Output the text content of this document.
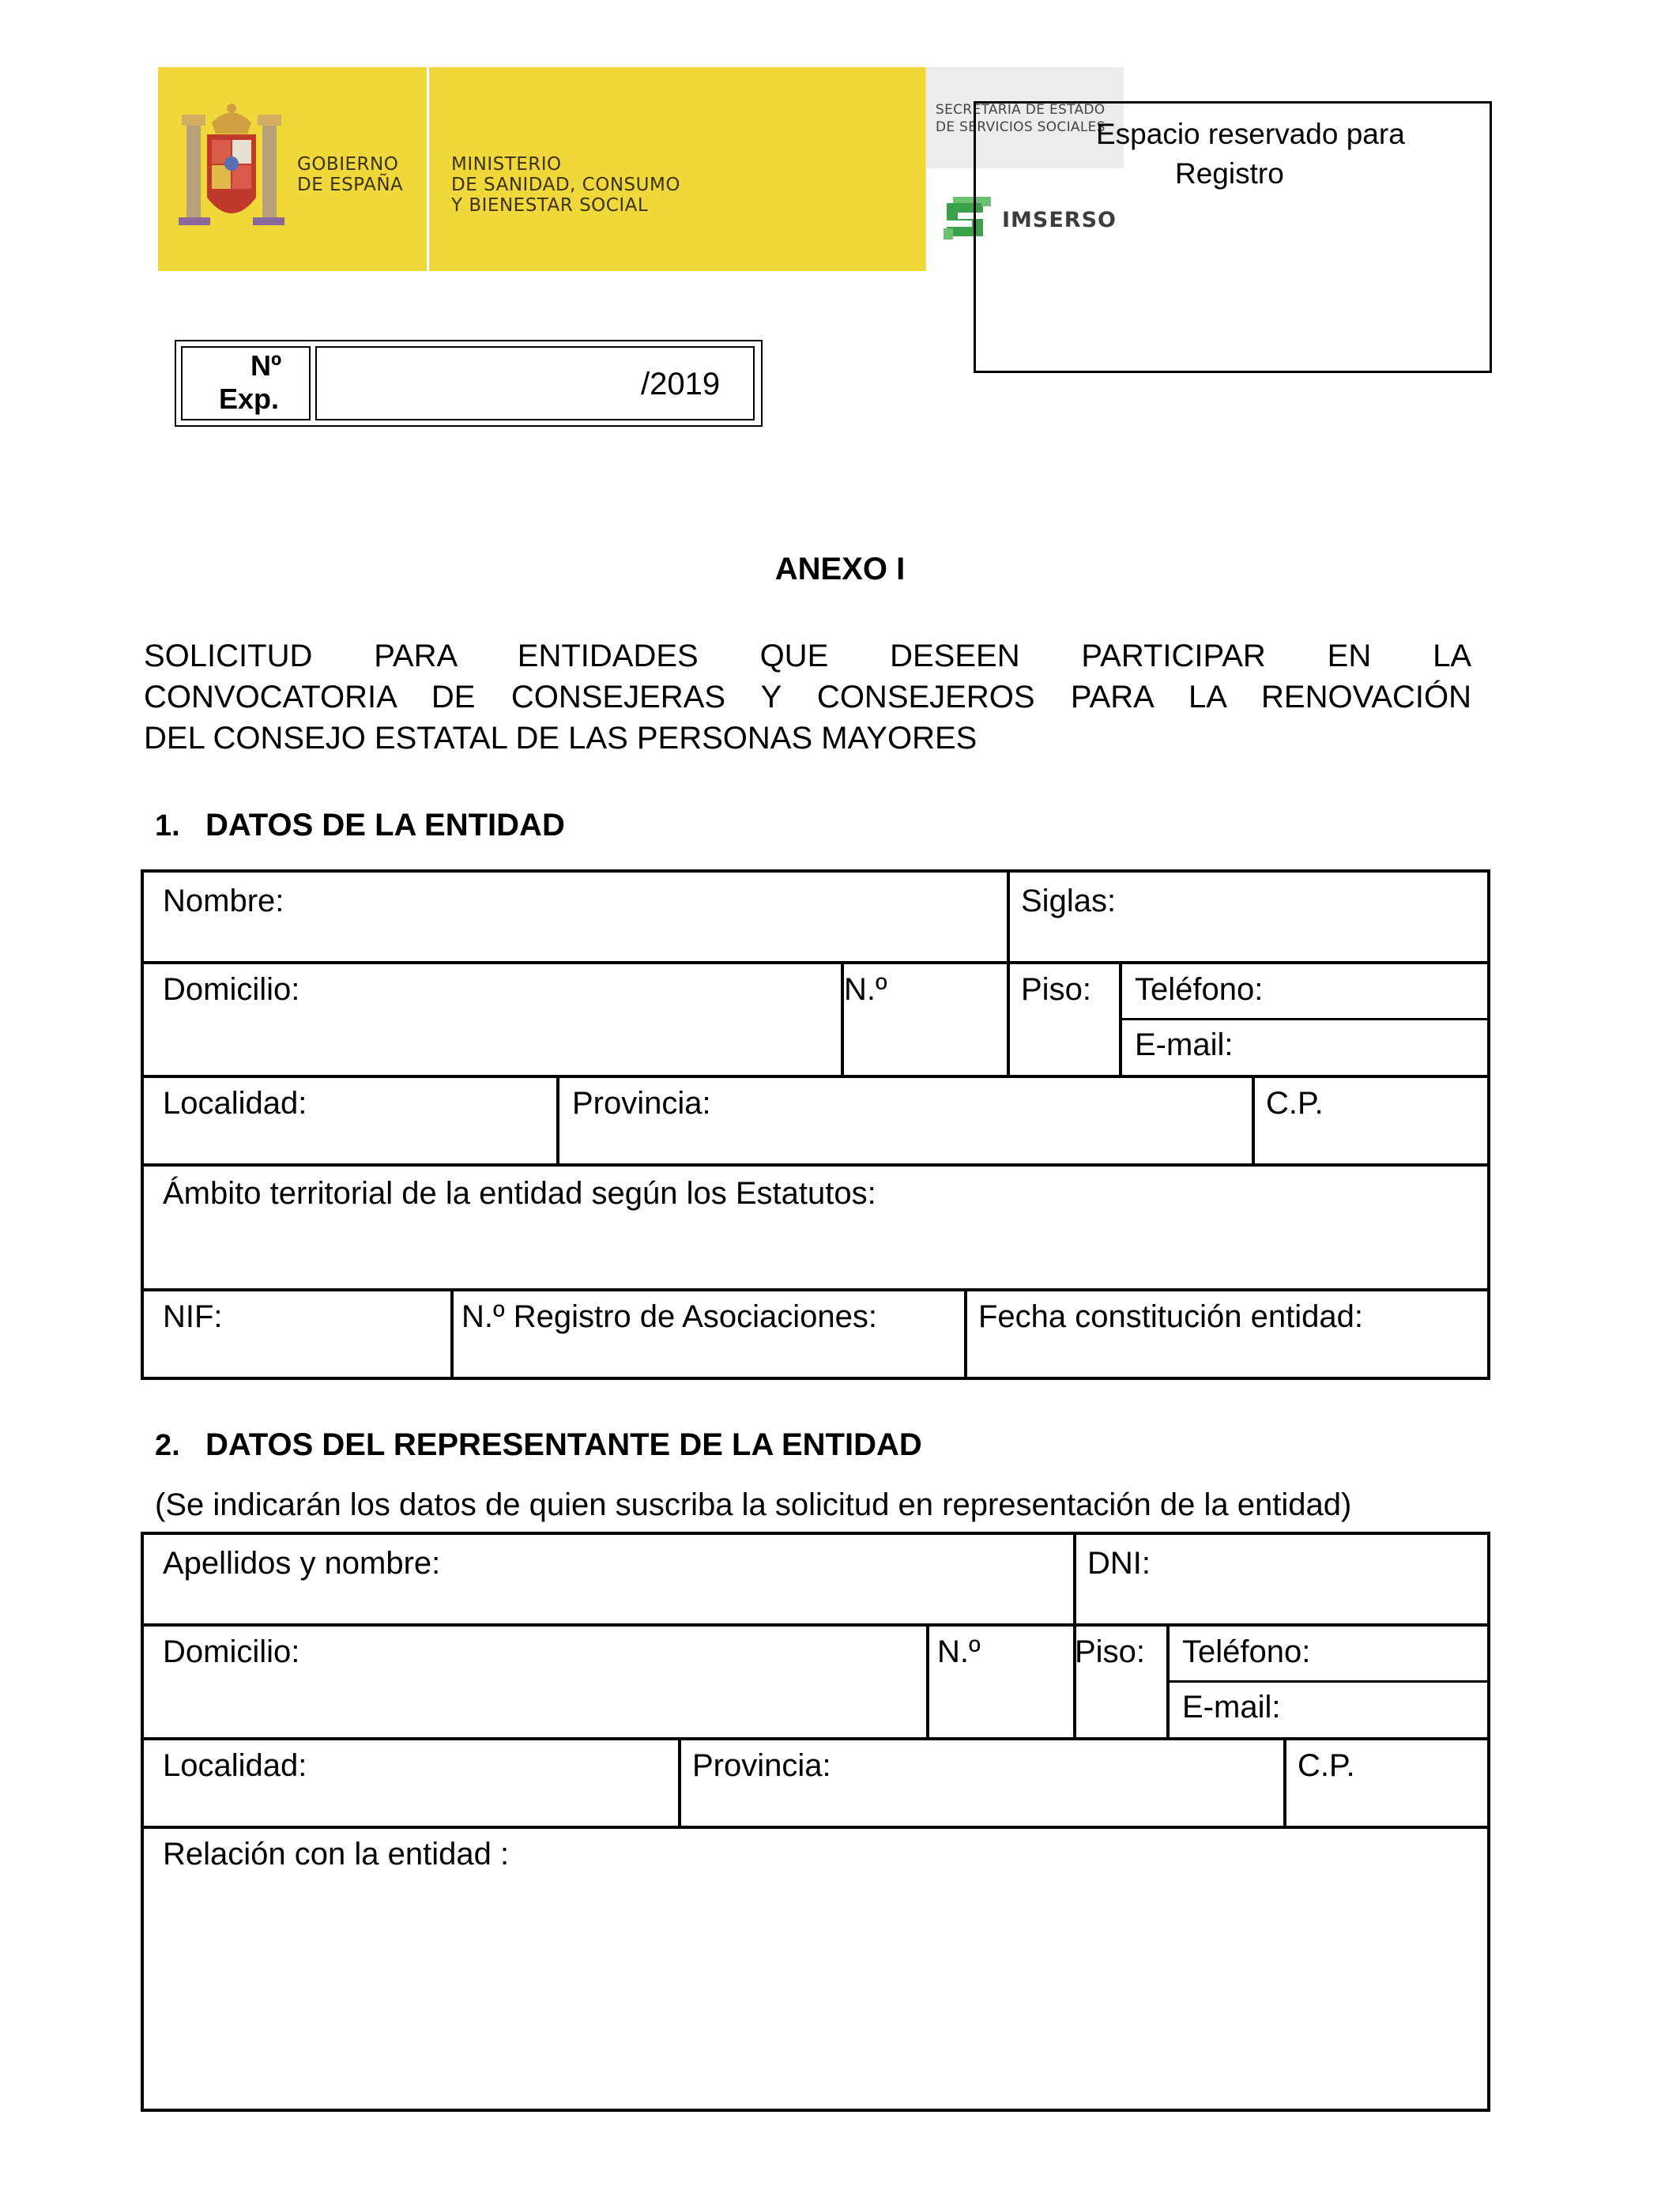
GOBIERNO
DE ESPAÑA
MINISTERIO
DE SANIDAD, CONSUMO
Y BIENESTAR SOCIAL
SECRETARÍA DE ESTADO
DE SERVICIOS SOCIALES
IMSERSO
Espacio reservado para
Registro
Nº
Exp.	/2019
ANEXO I
SOLICITUD PARA ENTIDADES QUE DESEEN PARTICIPAR EN LA
CONVOCATORIA DE CONSEJERAS Y CONSEJEROS PARA LA RENOVACIÓN
DEL CONSEJO ESTATAL DE LAS PERSONAS MAYORES
1. DATOS DE LA ENTIDAD
Nombre:	Siglas:
Domicilio:	N.º	Piso: Teléfono:
E-mail:
Localidad:	Provincia:	C.P.
Ámbito territorial de la entidad según los Estatutos:
NIF:	N.º Registro de Asociaciones:	Fecha constitución entidad:
2. DATOS DEL REPRESENTANTE DE LA ENTIDAD
(Se indicarán los datos de quien suscriba la solicitud en representación de la entidad)
Apellidos y nombre:	DNI:
Domicilio:	N.º	Piso: Teléfono:
E-mail:
Localidad:	Provincia:	C.P.
Relación con la entidad :
